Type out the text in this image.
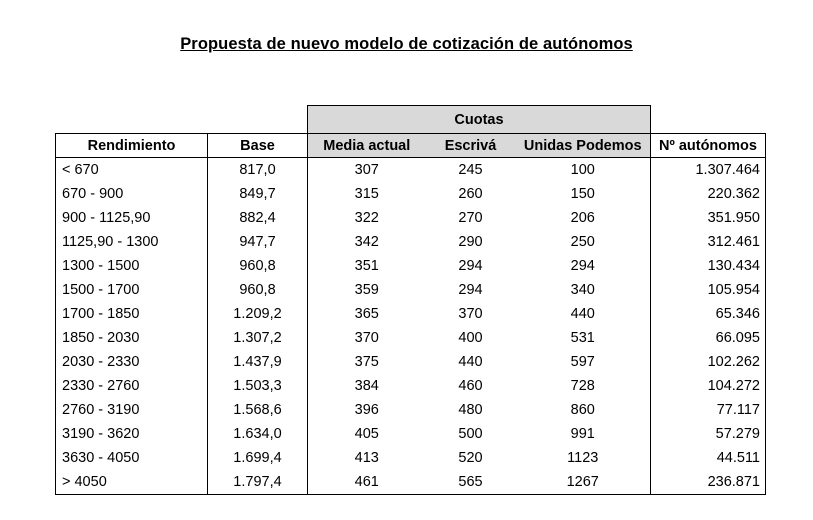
Propuesta de nuevo modelo de cotización de autónomos
		Cuotas			
Rendimiento	Base	Media actual	Escrivá	Unidas Podemos	Nº autónomos
< 670	817,0	307	245	100	1.307.464
670 - 900	849,7	315	260	150	220.362
900 - 1125,90	882,4	322	270	206	351.950
1125,90 - 1300	947,7	342	290	250	312.461
1300 - 1500	960,8	351	294	294	130.434
1500 - 1700	960,8	359	294	340	105.954
1700 - 1850	1.209,2	365	370	440	65.346
1850 - 2030	1.307,2	370	400	531	66.095
2030 - 2330	1.437,9	375	440	597	102.262
2330 - 2760	1.503,3	384	460	728	104.272
2760 - 3190	1.568,6	396	480	860	77.117
3190 - 3620	1.634,0	405	500	991	57.279
3630 - 4050	1.699,4	413	520	1123	44.511
> 4050	1.797,4	461	565	1267	236.871
